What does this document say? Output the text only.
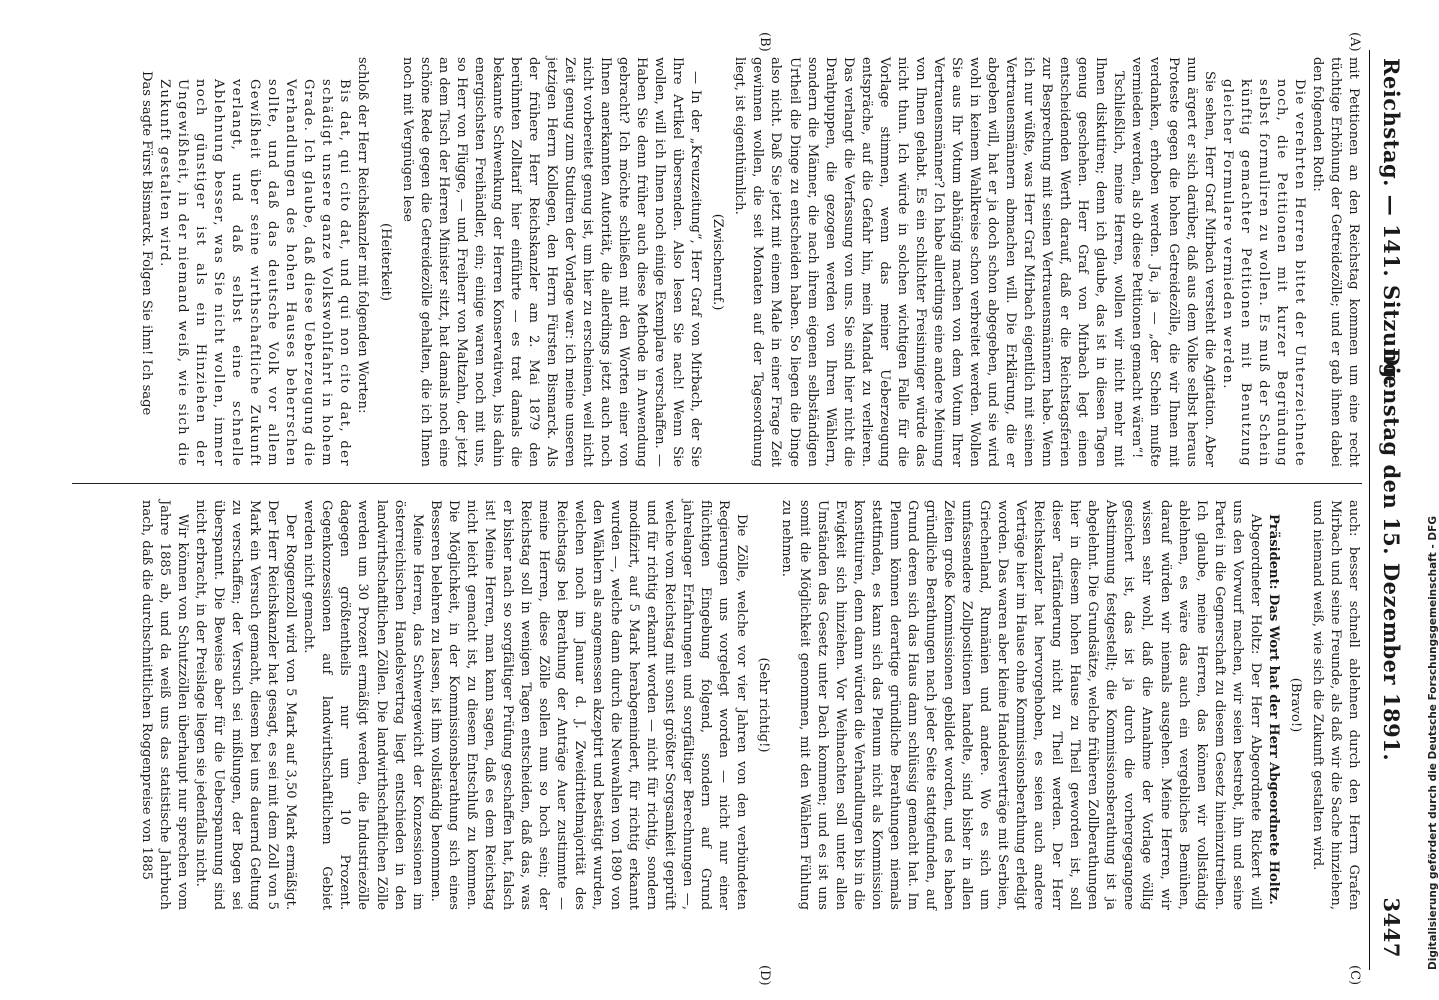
Reichstag. — 141. Sitzung.
Dienstag den 15. Dezember 1891.
3447
(A)
(B)
(C)
(D)

mit Petitionen an den Reichstag kommen um eine recht tüchtige Erhöhung der Getreidezölle; und er gab ihnen dabei den folgenden Roth:

Die verehrten Herren bittet der Unterzeichnete noch, die Petitionen mit kurzer Begründung selbst formuliren zu wollen. Es muß der Schein künftig gemachter Petitionen mit Benutzung gleicher Formulare vermieden werden.

Sie sehen, Herr Graf Mirbach versteht die Agitation. Aber nun ärgert er sich darüber, daß aus dem Volke selbst heraus Proteste gegen die hohen Getreidezölle, die wir Ihnen mit verdanken, erhoben werden. Ja, ja — „der Schein mußte vermieden werden, als ob diese Petitionen gemacht wären“!

Tschließlich, meine Herren, wollen wir nicht mehr mit Ihnen diskutiren; denn ich glaube, das ist in diesen Tagen genug geschehen. Herr Graf von Mirbach legt einen entscheidenden Werth darauf, daß er die Reichstagsferien zur Besprechung mit seinen Vertrauensmännern habe. Wenn ich nur wüßte, was Herr Graf Mirbach eigentlich mit seinen Vertrauensmännern abmachen will. Die Erklärung, die er abgeben will, hat er ja doch schon abgegeben, und sie wird wohl in keinem Wahlkreise schon verbreitet werden. Wollen Sie aus Ihr Votum abhängig machen von dem Votum Ihrer Vertrauensmänner? Ich habe allerdings eine andere Meinung von Ihnen gehabt. Es ein schlichter Freisinniger würde das nicht thun. Ich würde in solchen wichtigen Falle für die Vorlage stimmen, wenn das meiner Ueberzeugung entspräche, auf die Gefahr hin, mein Mandat zu verlieren. Das verlangt die Verfassung von uns. Sie sind hier nicht die Drahtpuppen, die gezogen werden von Ihren Wählern, sondern die Männer, die nach ihrem eigenen selbständigen Urtheil die Dinge zu entscheiden haben. So liegen die Dinge also nicht. Daß Sie jetzt mit einem Male in einer Frage Zeit gewinnen wollen, die seit Monaten auf der Tagesordnung liegt, ist eigenthümlich.

(Zwischenruf.)

— In der „Kreuzzeitung“, Herr Graf von Mirbach, der Sie Ihre Artikel übersenden. Also lesen Sie nach! Wenn Sie wollen, will ich Ihnen noch einige Exemplare verschaffen. — Haben Sie denn früher auch diese Methode in Anwendung gebracht? Ich möchte schließen mit den Worten einer von Ihnen anerkannten Autorität, die allerdings jetzt auch noch nicht vorbereitet genug ist, um hier zu erscheinen, weil nicht Zeit genug zum Studiren der Vorlage war: ich meine unseren jetzigen Herrn Kollegen, den Herrn Fürsten Bismarck. Als der frühere Herr Reichskanzler am 2. Mai 1879 den berühmten Zolltarif hier einführte — es trat damals die bekannte Schwenkung der Herren Konservativen, bis dahin energischsten Freihändler, ein; einige waren noch mit uns, so Herr von Flügge, — und Freiherr von Maltzahn, der jetzt an dem Tisch der Herren Minister sitzt, hat damals noch eine schöne Rede gegen die Getreidezölle gehalten, die ich Ihnen noch mit Vergnügen lese

(Heiterkeit)

schloß der Herr Reichskanzler mit folgenden Worten:

Bis dat, qui cito dat, und qui non cito dat, der schädigt unsere ganze Volkswohlfahrt in hohem Grade. Ich glaube, daß diese Ueberzeugung die Verhandlungen des hohen Hauses beherrschen sollte, und daß das deutsche Volk vor allem Gewißheit über seine wirthschaftliche Zukunft verlangt, und daß selbst eine schnelle Ablehnung besser, was Sie nicht wollen, immer noch günstiger ist als ein Hinziehen der Ungewißheit, in der niemand weiß, wie sich die Zukunft gestalten wird.

Das sagte Fürst Bismarck. Folgen Sie ihm! Ich sage

auch: besser schnell ablehnen durch den Herrn Grafen Mirbach und seine Freunde, als daß wir die Sache hinziehen, und niemand weiß, wie sich die Zukunft gestalten wird.

(Bravo!)

Präsident: Das Wort hat der Herr Abgeordnete Holtz.

Abgeordneter Holtz: Der Herr Abgeordnete Rickert will uns den Vorwurf machen, wir seien bestrebt, ihn und seine Partei in die Gegnerschaft zu diesem Gesetz hineinzutreiben. Ich glaube, meine Herren, das können wir vollständig ablehnen, es wäre das auch ein vergebliches Bemühen, darauf würden wir niemals ausgehen. Meine Herren, wir wissen sehr wohl, daß die Annahme der Vorlage völlig gesichert ist, das ist ja durch die vorhergegangene Abstimmung festgestellt; die Kommissionsberathung ist ja abgelehnt. Die Grundsätze, welche früheren Zollberathungen hier in diesem hohen Hause zu Theil geworden ist, soll dieser Tarifänderung nicht zu Theil werden. Der Herr Reichskanzler hat hervorgehoben, es seien auch andere Verträge hier im Hause ohne Kommissionsberathung erledigt worden. Das waren aber kleine Handelsverträge mit Serbien, Griechenland, Rumänien und andere. Wo es sich um umfassendere Zollpositionen handelte, sind bisher in allen Zeiten große Kommissionen gebildet worden, und es haben gründliche Berathungen nach jeder Seite stattgefunden, auf Grund deren sich das Haus dann schlüssig gemacht hat. Im Plenum können derartige gründliche Berathungen niemals stattfinden, es kann sich das Plenum nicht als Kommission konstituiren, denn dann würden die Verhandlungen bis in die Ewigkeit sich hinziehen. Vor Weihnachten soll unter allen Umständen das Gesetz unter Dach kommen; und es ist uns somit die Möglichkeit genommen, mit den Wählern Fühlung zu nehmen.

(Sehr richtig!)

Die Zölle, welche vor vier Jahren von den verbündeten Regierungen uns vorgelegt worden — nicht nur einer flüchtigen Eingebung folgend, sondern auf Grund jahrelanger Erfahrungen und sorgfältiger Berechnungen —, welche vom Reichstag mit sonst größter Sorgsamkeit geprüft und für richtig erkannt worden — nicht für richtig, sondern modifizirt, auf 5 Mark herabgemindert, für richtig erkannt wurden —, welche dann durch die Neuwahlen von 1890 von den Wählern als angemessen akzeptirt und bestätigt wurden, welchen noch im Januar d. J. Zweidrittelmajorität des Reichstags bei Berathung der Anträge Auer zustimmte — meine Herren, diese Zölle sollen nun so hoch sein; der Reichstag soll in wenigen Tagen entscheiden, daß das, was er bisher nach so sorgfältiger Prüfung geschaffen hat, falsch ist! Meine Herren, man kann sagen, daß es dem Reichstag nicht leicht gemacht ist, zu diesem Entschluß zu kommen. Die Möglichkeit, in der Kommissionsberathung sich eines Besseren belehren zu lassen, ist ihm vollständig benommen.

Meine Herren, das Schwergewicht der Konzessionen im österreichischen Handelsvertrag liegt entschieden in den landwirthschaftlichen Zöllen. Die landwirthschaftlichen Zölle werden um 30 Prozent ermäßigt werden, die Industriezölle dagegen größtentheils nur um 10 Prozent. Gegenkonzessionen auf landwirthschaftlichem Gebiet werden nicht gemacht.

Der Roggenzoll wird von 5 Mark auf 3,50 Mark ermäßigt. Der Herr Reichskanzler hat gesagt, es sei mit dem Zoll von 5 Mark ein Versuch gemacht, diesem bei uns dauernd Geltung zu verschaffen; der Versuch sei mißlungen, der Bogen sei überspannt. Die Beweise aber für die Ueberspannung sind nicht erbracht, in der Preislage liegen sie jedenfalls nicht.

Wir können von Schutzzöllen überhaupt nur sprechen vom Jahre 1885 ab, und da weiß uns das statistische Jahrbuch nach, daß die durchschnittlichen Roggenpreise von 1885	Digitalisierung gefördert durch die Deutsche Forschungsgemeinschaft - DFG
